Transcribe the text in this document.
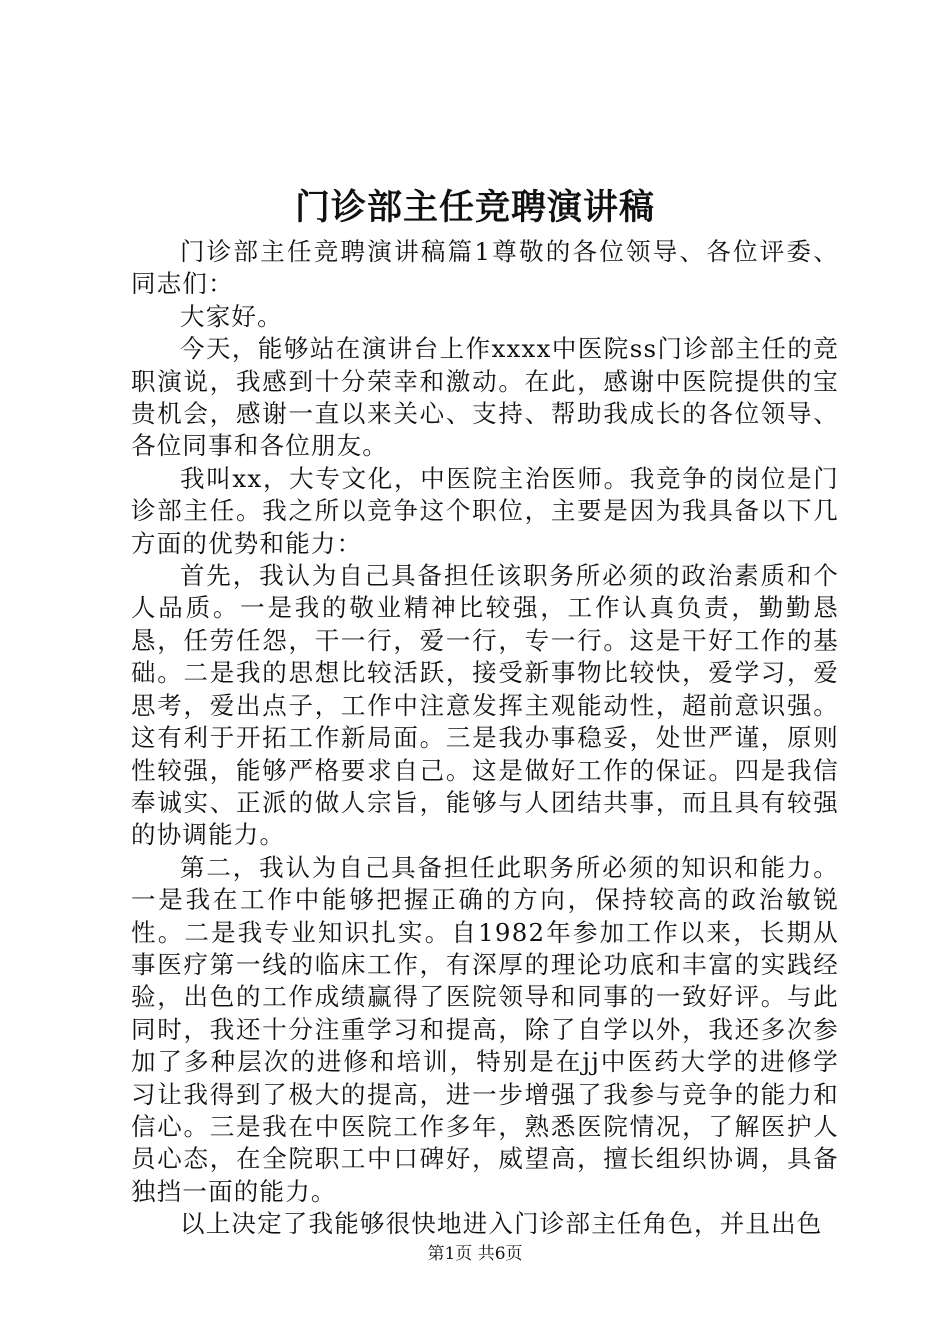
门诊部主任竞聘演讲稿

门诊部主任竞聘演讲稿篇1尊敬的各位领导、各位评委、同志们：

大家好。

今天，能够站在演讲台上作xxxx中医院ss门诊部主任的竞职演说，我感到十分荣幸和激动。在此，感谢中医院提供的宝贵机会，感谢一直以来关心、支持、帮助我成长的各位领导、各位同事和各位朋友。

我叫xx，大专文化，中医院主治医师。我竞争的岗位是门诊部主任。我之所以竞争这个职位，主要是因为我具备以下几方面的优势和能力：

首先，我认为自己具备担任该职务所必须的政治素质和个人品质。一是我的敬业精神比较强，工作认真负责，勤勤恳恳，任劳任怨，干一行，爱一行，专一行。这是干好工作的基础。二是我的思想比较活跃，接受新事物比较快，爱学习，爱思考，爱出点子，工作中注意发挥主观能动性，超前意识强。这有利于开拓工作新局面。三是我办事稳妥，处世严谨，原则性较强，能够严格要求自己。这是做好工作的保证。四是我信奉诚实、正派的做人宗旨，能够与人团结共事，而且具有较强的协调能力。

第二，我认为自己具备担任此职务所必须的知识和能力。一是我在工作中能够把握正确的方向，保持较高的政治敏锐性。二是我专业知识扎实。自1982年参加工作以来，长期从事医疗第一线的临床工作，有深厚的理论功底和丰富的实践经验，出色的工作成绩赢得了医院领导和同事的一致好评。与此同时，我还十分注重学习和提高，除了自学以外，我还多次参加了多种层次的进修和培训，特别是在jj中医药大学的进修学习让我得到了极大的提高，进一步增强了我参与竞争的能力和信心。三是我在中医院工作多年，熟悉医院情况，了解医护人员心态，在全院职工中口碑好，威望高，擅长组织协调，具备独挡一面的能力。

以上决定了我能够很快地进入门诊部主任角色，并且出色

第1页 共6页
